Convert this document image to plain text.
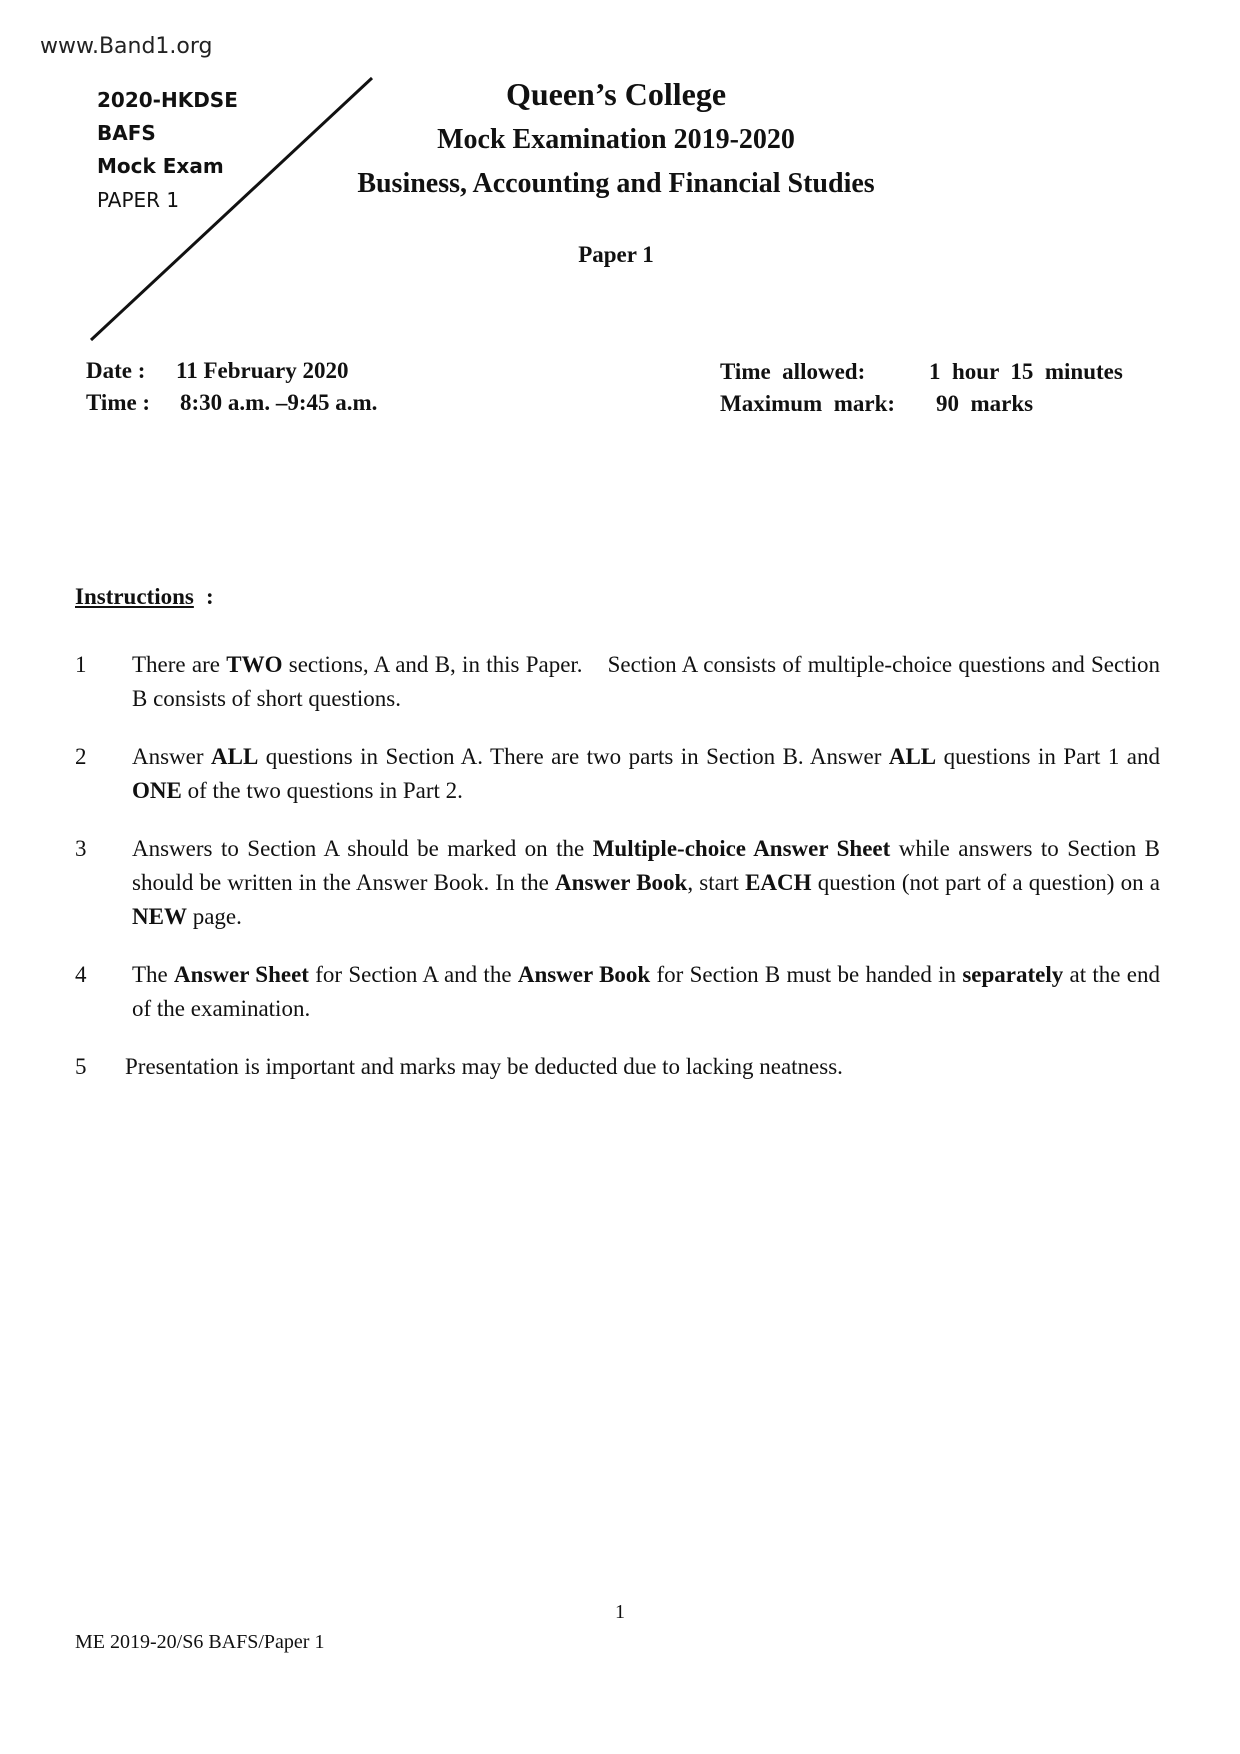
www.Band1.org
2020-HKDSE
BAFS
Mock Exam
PAPER 1
Queen’s College
Mock Examination 2019-2020
Business, Accounting and Financial Studies
Paper 1
Date : 11 February 2020
Time : 8:30 a.m. –9:45 a.m.
Time  allowed:	1  hour  15  minutes
Maximum  mark: 90  marks
Instructions :
1	There are TWO sections, A and B, in this Paper.    Section A consists of multiple-choice questions and Section B consists of short questions.
2	Answer ALL questions in Section A. There are two parts in Section B. Answer ALL questions in Part 1 and ONE of the two questions in Part 2.
3	Answers to Section A should be marked on the Multiple-choice Answer Sheet while answers to Section B should be written in the Answer Book. In the Answer Book, start EACH question (not part of a question) on a NEW page.
4	The Answer Sheet for Section A and the Answer Book for Section B must be handed in separately at the end of the examination.
5	Presentation is important and marks may be deducted due to lacking neatness.
1
ME 2019-20/S6 BAFS/Paper 1
